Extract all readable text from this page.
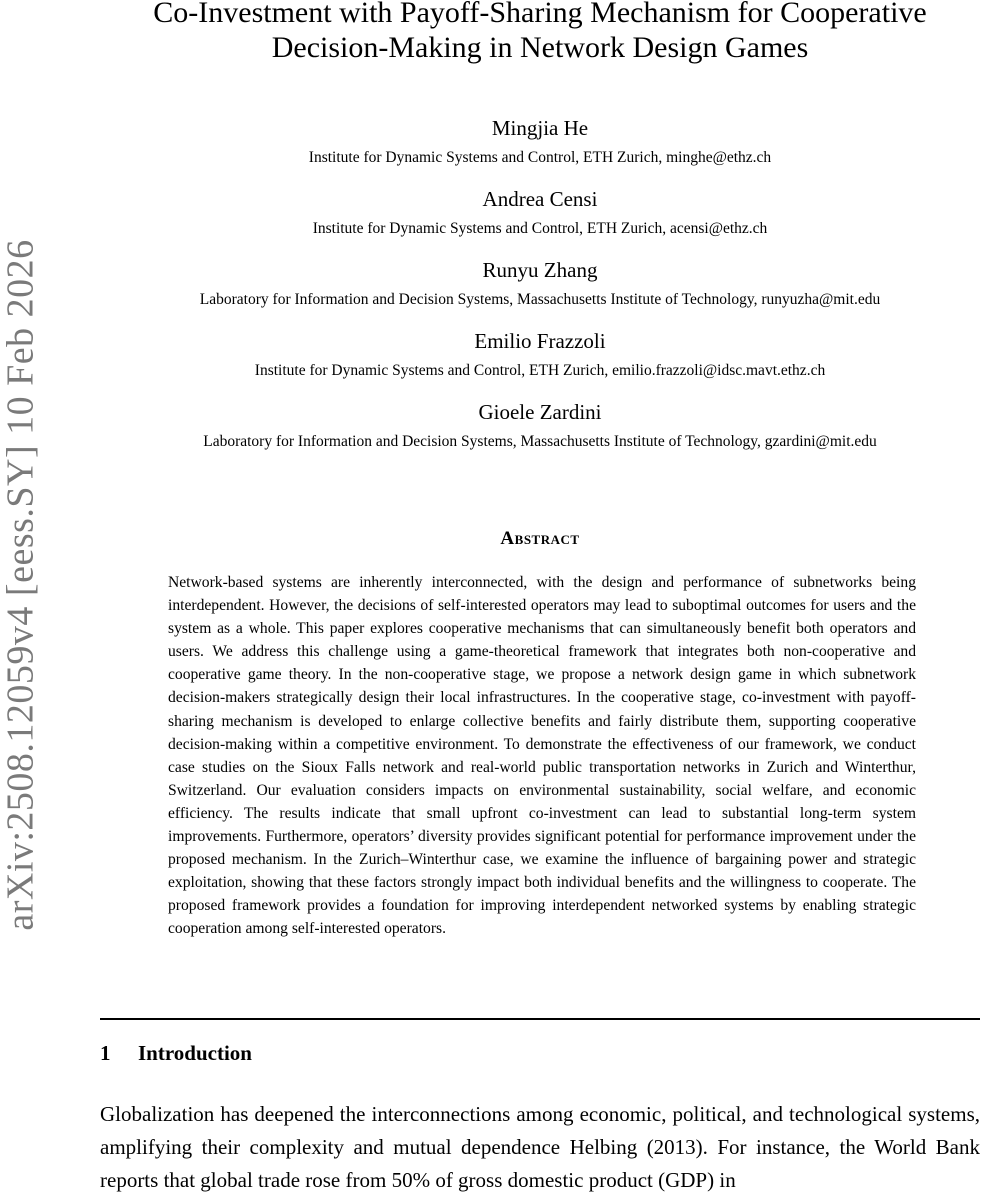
arXiv:2508.12059v4 [eess.SY] 10 Feb 2026
Co-Investment with Payoff-Sharing Mechanism for Cooperative Decision-Making in Network Design Games
Mingjia He
Institute for Dynamic Systems and Control, ETH Zurich, minghe@ethz.ch
Andrea Censi
Institute for Dynamic Systems and Control, ETH Zurich, acensi@ethz.ch
Runyu Zhang
Laboratory for Information and Decision Systems, Massachusetts Institute of Technology, runyuzha@mit.edu
Emilio Frazzoli
Institute for Dynamic Systems and Control, ETH Zurich, emilio.frazzoli@idsc.mavt.ethz.ch
Gioele Zardini
Laboratory for Information and Decision Systems, Massachusetts Institute of Technology, gzardini@mit.edu
Abstract

Network-based systems are inherently interconnected, with the design and performance of subnetworks being interdependent. However, the decisions of self-interested operators may lead to suboptimal outcomes for users and the system as a whole. This paper explores cooperative mechanisms that can simultaneously benefit both operators and users. We address this challenge using a game-theoretical framework that integrates both non-cooperative and cooperative game theory. In the non-cooperative stage, we propose a network design game in which subnetwork decision-makers strategically design their local infrastructures. In the cooperative stage, co-investment with payoff-sharing mechanism is developed to enlarge collective benefits and fairly distribute them, supporting cooperative decision-making within a competitive environment. To demonstrate the effectiveness of our framework, we conduct case studies on the Sioux Falls network and real-world public transportation networks in Zurich and Winterthur, Switzerland. Our evaluation considers impacts on environmental sustainability, social welfare, and economic efficiency. The results indicate that small upfront co-investment can lead to substantial long-term system improvements. Furthermore, operators’ diversity provides significant potential for performance improvement under the proposed mechanism. In the Zurich–Winterthur case, we examine the influence of bargaining power and strategic exploitation, showing that these factors strongly impact both individual benefits and the willingness to cooperate. The proposed framework provides a foundation for improving interdependent networked systems by enabling strategic cooperation among self-interested operators.

1 Introduction

Globalization has deepened the interconnections among economic, political, and technological systems, amplifying their complexity and mutual dependence Helbing (2013). For instance, the World Bank reports that global trade rose from 50% of gross domestic product (GDP) in
